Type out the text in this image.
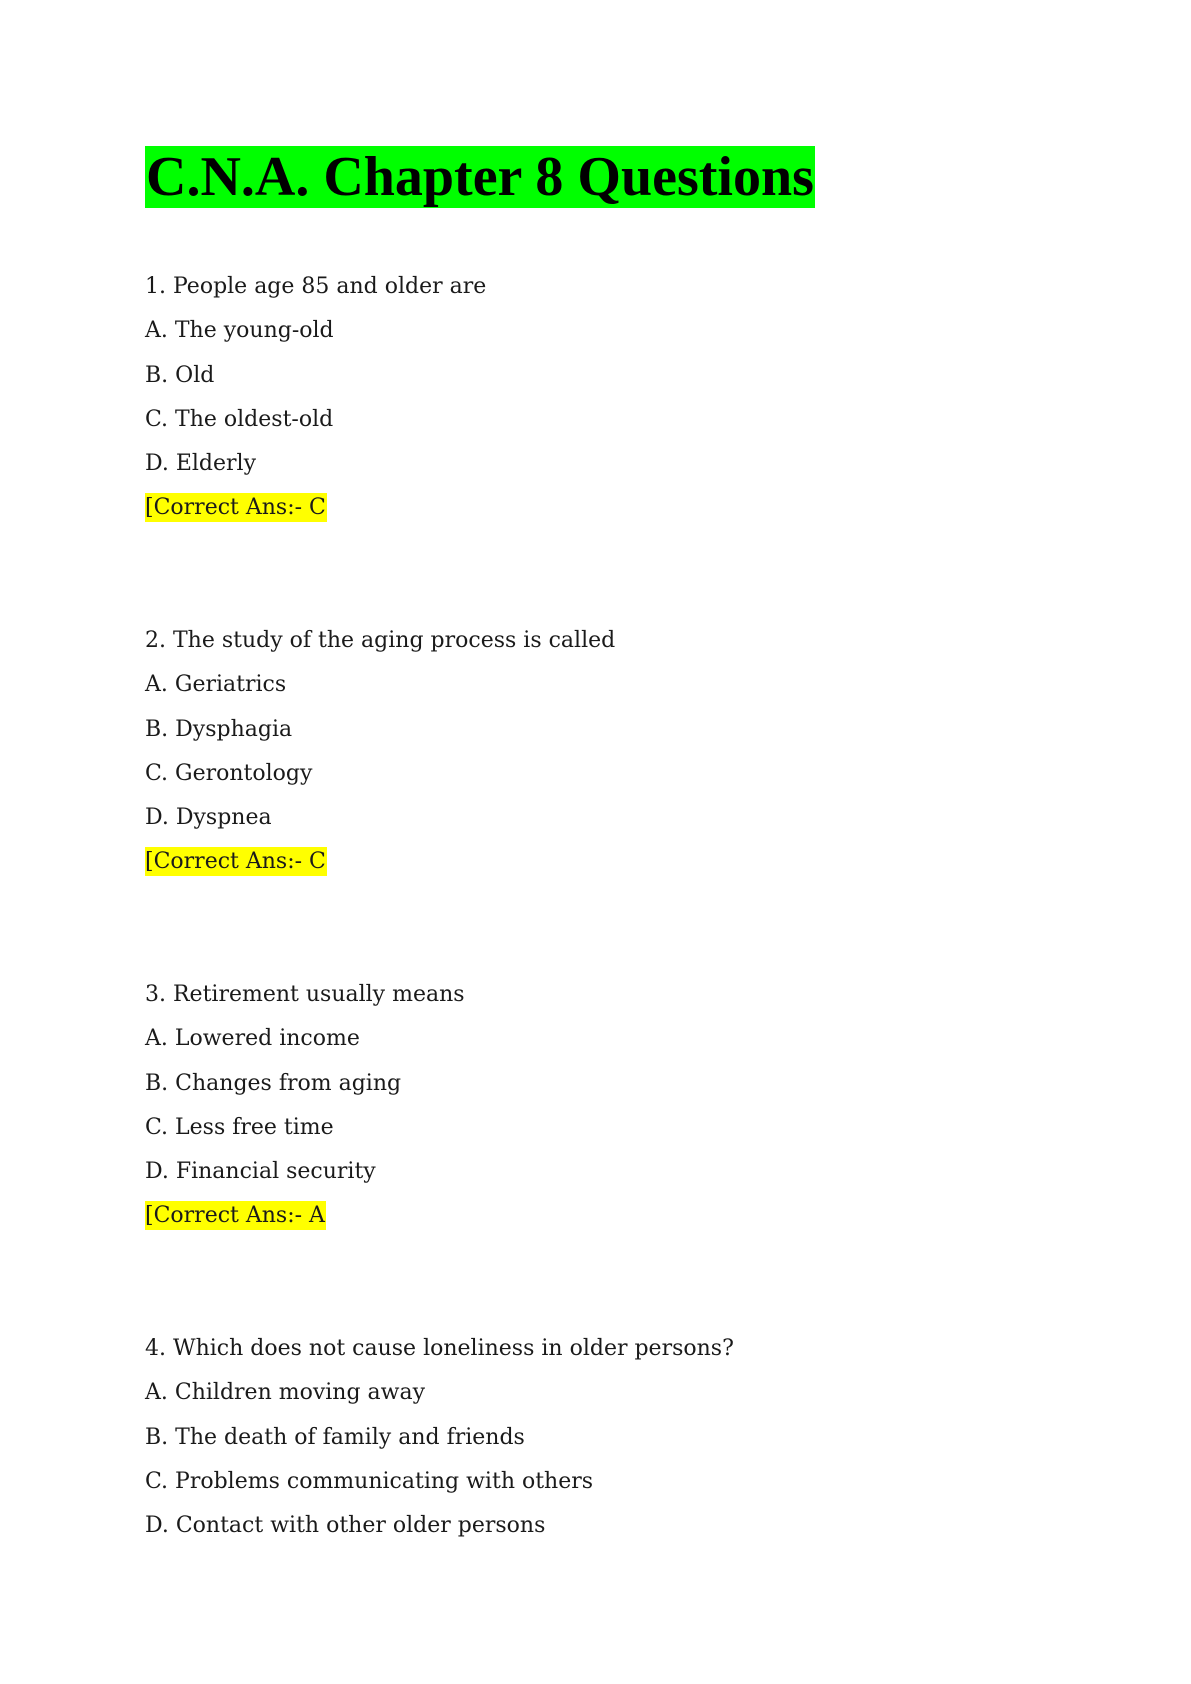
C.N.A. Chapter 8 Questions
1. People age 85 and older are
A. The young-old
B. Old
C. The oldest-old
D. Elderly
[Correct Ans:- C
2. The study of the aging process is called
A. Geriatrics
B. Dysphagia
C. Gerontology
D. Dyspnea
[Correct Ans:- C
3. Retirement usually means
A. Lowered income
B. Changes from aging
C. Less free time
D. Financial security
[Correct Ans:- A
4. Which does not cause loneliness in older persons?
A. Children moving away
B. The death of family and friends
C. Problems communicating with others
D. Contact with other older persons
